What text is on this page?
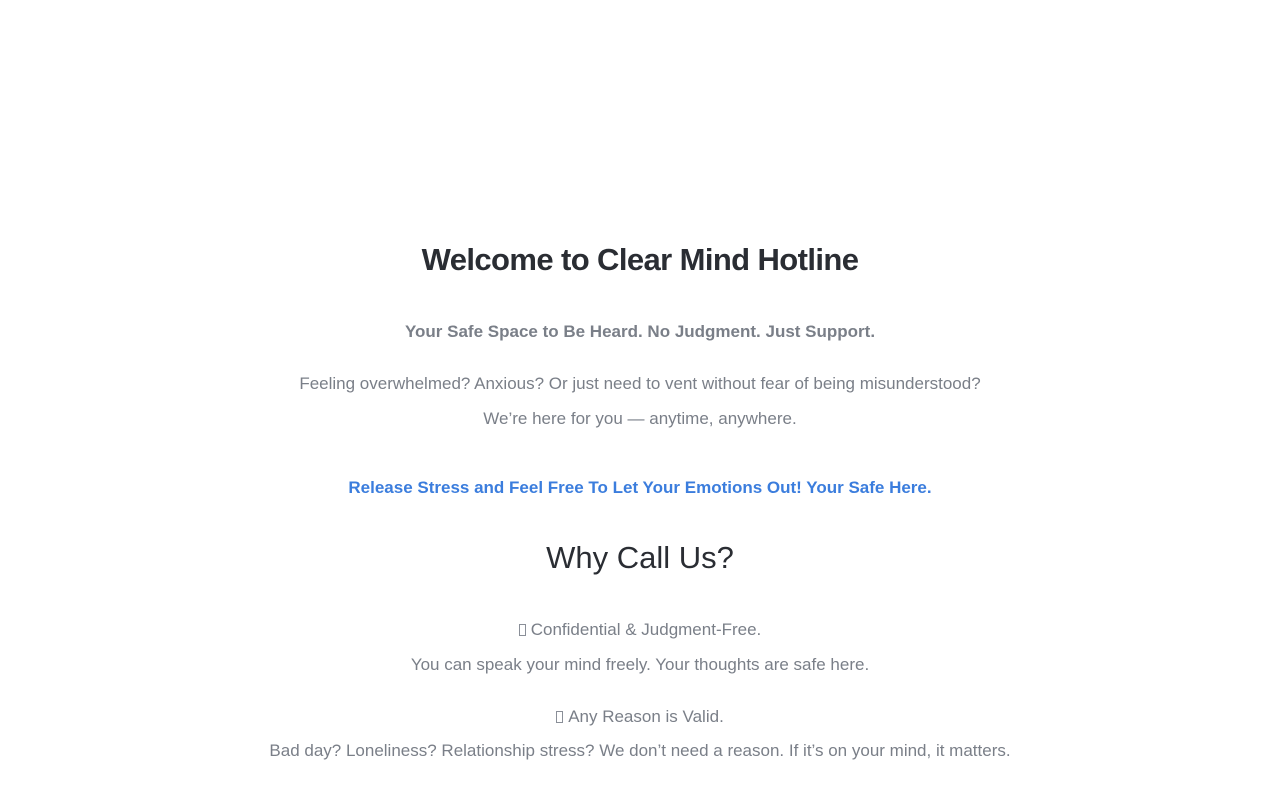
Welcome to Clear Mind Hotline

Your Safe Space to Be Heard. No Judgment. Just Support.

Feeling overwhelmed? Anxious? Or just need to vent without fear of being misunderstood?

We’re here for you — anytime, anywhere.

Release Stress and Feel Free To Let Your Emotions Out! Your Safe Here.
Why Call Us?

Confidential & Judgment-Free.

You can speak your mind freely. Your thoughts are safe here.

Any Reason is Valid.

Bad day? Loneliness? Relationship stress? We don’t need a reason. If it’s on your mind, it matters.
